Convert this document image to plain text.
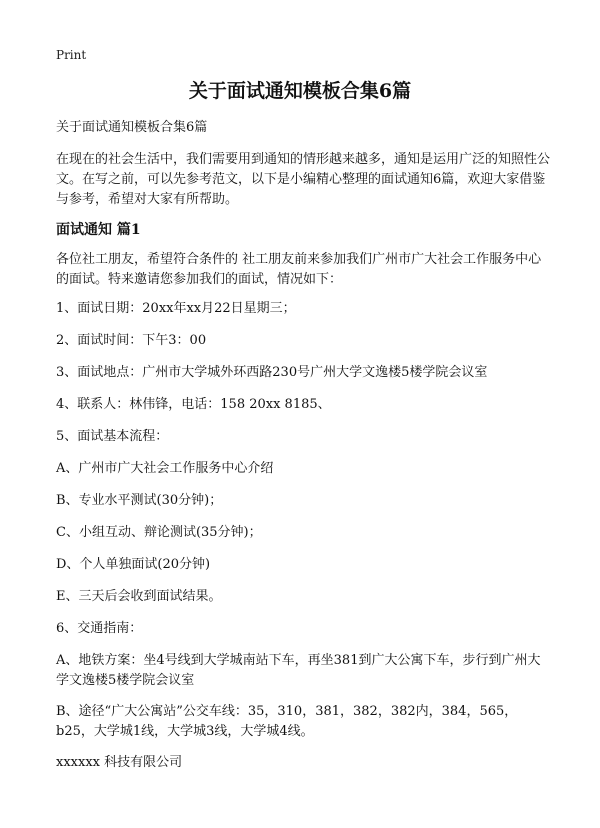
Print
关于面试通知模板合集6篇

关于面试通知模板合集6篇

在现在的社会生活中，我们需要用到通知的情形越来越多，通知是运用广泛的知照性公文。在写之前，可以先参考范文，以下是小编精心整理的面试通知6篇，欢迎大家借鉴与参考，希望对大家有所帮助。

面试通知 篇1

各位社工朋友，希望符合条件的 社工朋友前来参加我们广州市广大社会工作服务中心的面试。特来邀请您参加我们的面试，情况如下：

1、面试日期：20xx年xx月22日星期三；

2、面试时间：下午3：00

3、面试地点：广州市大学城外环西路230号广州大学文逸楼5楼学院会议室

4、联系人：林伟锋，电话：158 20xx 8185、

5、面试基本流程：

A、广州市广大社会工作服务中心介绍

B、专业水平测试(30分钟)；

C、小组互动、辩论测试(35分钟)；

D、个人单独面试(20分钟)

E、三天后会收到面试结果。

6、交通指南：

A、地铁方案：坐4号线到大学城南站下车，再坐381到广大公寓下车，步行到广州大学文逸楼5楼学院会议室

B、途径“广大公寓站”公交车线：35，310，381，382，382内，384，565，b25，大学城1线，大学城3线，大学城4线。

xxxxxx 科技有限公司
